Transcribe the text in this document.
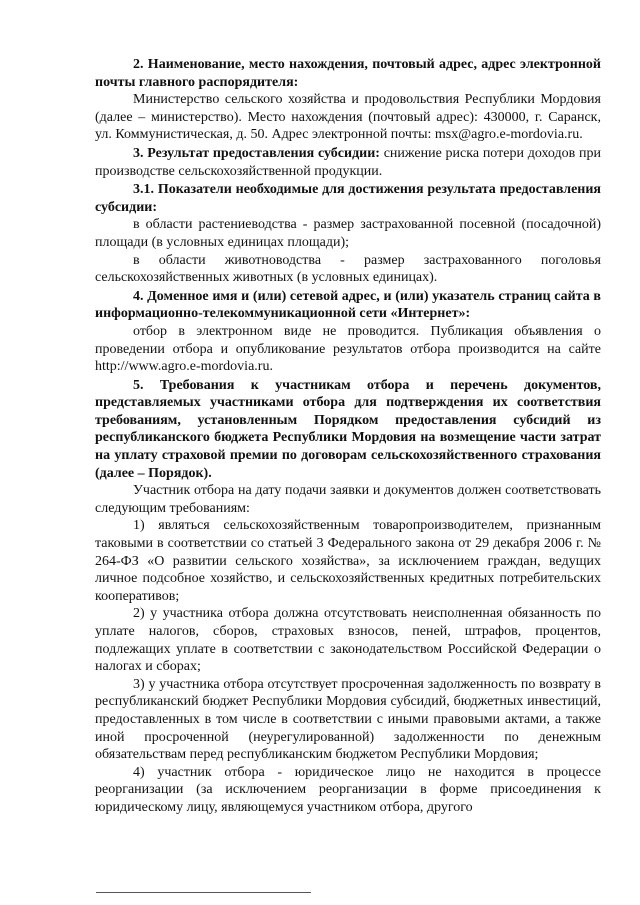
2. Наименование, место нахождения, почтовый адрес, адрес электронной почты главного распорядителя:

Министерство сельского хозяйства и продовольствия Республики Мордовия (далее – министерство). Место нахождения (почтовый адрес): 430000, г. Саранск, ул. Коммунистическая, д. 50. Адрес электронной почты: msx@agro.e-mordovia.ru.

3. Результат предоставления субсидии: снижение риска потери доходов при производстве сельскохозяйственной продукции.

3.1. Показатели необходимые для достижения результата предоставления субсидии:

в области растениеводства - размер застрахованной посевной (посадочной) площади (в условных единицах площади);

в области животноводства - размер застрахованного поголовья сельскохозяйственных животных (в условных единицах).

4. Доменное имя и (или) сетевой адрес, и (или) указатель страниц сайта в информационно-телекоммуникационной сети «Интернет»:

отбор в электронном виде не проводится. Публикация объявления о проведении отбора и опубликование результатов отбора производится на сайте http://www.agro.e-mordovia.ru.

5. Требования к участникам отбора и перечень документов, представляемых участниками отбора для подтверждения их соответствия требованиям, установленным Порядком предоставления субсидий из республиканского бюджета Республики Мордовия на возмещение части затрат на уплату страховой премии по договорам сельскохозяйственного страхования (далее – Порядок).

Участник отбора на дату подачи заявки и документов должен соответствовать следующим требованиям:

1) являться сельскохозяйственным товаропроизводителем, признанным таковыми в соответствии со статьей 3 Федерального закона от 29 декабря 2006 г. № 264-ФЗ «О развитии сельского хозяйства», за исключением граждан, ведущих личное подсобное хозяйство, и сельскохозяйственных кредитных потребительских кооперативов;

2) у участника отбора должна отсутствовать неисполненная обязанность по уплате налогов, сборов, страховых взносов, пеней, штрафов, процентов, подлежащих уплате в соответствии с законодательством Российской Федерации о налогах и сборах;

3) у участника отбора отсутствует просроченная задолженность по возврату в республиканский бюджет Республики Мордовия субсидий, бюджетных инвестиций, предоставленных в том числе в соответствии с иными правовыми актами, а также иной просроченной (неурегулированной) задолженности по денежным обязательствам перед республиканским бюджетом Республики Мордовия;

4) участник отбора - юридическое лицо не находится в процессе реорганизации (за исключением реорганизации в форме присоединения к юридическому лицу, являющемуся участником отбора, другого
